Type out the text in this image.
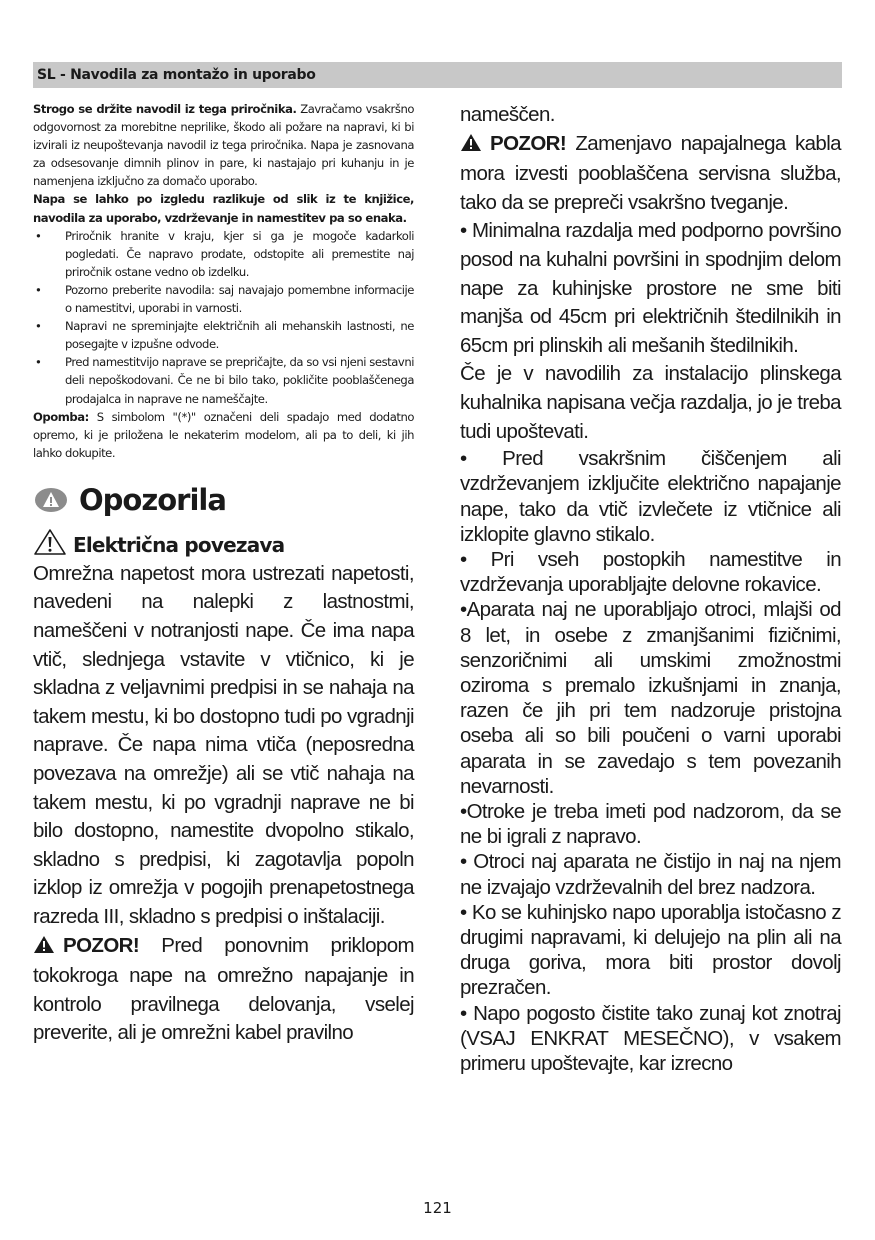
SL - Navodila za montažo in uporabo

Strogo se držite navodil iz tega priročnika. Zavračamo vsakršno odgovornost za morebitne neprilike, škodo ali požare na napravi, ki bi izvirali iz neupoštevanja navodil iz tega priročnika. Napa je zasnovana za odsesovanje dimnih plinov in pare, ki nastajajo pri kuhanju in je namenjena izključno za domačo uporabo.

Napa se lahko po izgledu razlikuje od slik iz te knjižice, navodila za uporabo, vzdrževanje in namestitev pa so enaka.

• Priročnik hranite v kraju, kjer si ga je mogoče kadarkoli pogledati. Če napravo prodate, odstopite ali premestite naj priročnik ostane vedno ob izdelku.
• Pozorno preberite navodila: saj navajajo pomembne informacije o namestitvi, uporabi in varnosti.
• Napravi ne spreminjajte električnih ali mehanskih lastnosti, ne posegajte v izpušne odvode.
• Pred namestitvijo naprave se prepričajte, da so vsi njeni sestavni deli nepoškodovani. Če ne bi bilo tako, pokličite pooblaščenega prodajalca in naprave ne nameščajte.

Opomba: S simbolom "(*)" označeni deli spadajo med dodatno opremo, ki je priložena le nekaterim modelom, ali pa to deli, ki jih lahko dokupite.

Opozorila
Električna povezava

Omrežna napetost mora ustrezati napetosti, navedeni na nalepki z lastnostmi, nameščeni v notranjosti nape. Če ima napa vtič, slednjega vstavite v vtičnico, ki je skladna z veljavnimi predpisi in se nahaja na takem mestu, ki bo dostopno tudi po vgradnji naprave. Če napa nima vtiča (neposredna povezava na omrežje) ali se vtič nahaja na takem mestu, ki po vgradnji naprave ne bi bilo dostopno, namestite dvopolno stikalo, skladno s predpisi, ki zagotavlja popoln izklop iz omrežja v pogojih prenapetostnega razreda III, skladno s predpisi o inštalaciji.

POZOR! Pred ponovnim priklopom tokokroga nape na omrežno napajanje in kontrolo pravilnega delovanja, vselej preverite, ali je omrežni kabel pravilno

nameščen.

POZOR! Zamenjavo napajalnega kabla mora izvesti pooblaščena servisna služba, tako da se prepreči vsakršno tveganje.

• Minimalna razdalja med podporno površino posod na kuhalni površini in spodnjim delom nape za kuhinjske prostore ne sme biti manjša od 45cm pri električnih štedilnikih in 65cm pri plinskih ali mešanih štedilnikih.

Če je v navodilih za instalacijo plinskega kuhalnika napisana večja razdalja, jo je treba tudi upoštevati.

• Pred vsakršnim čiščenjem ali vzdrževanjem izključite električno napajanje nape, tako da vtič izvlečete iz vtičnice ali izklopite glavno stikalo.

• Pri vseh postopkih namestitve in vzdrževanja uporabljajte delovne rokavice.

•Aparata naj ne uporabljajo otroci, mlajši od 8 let, in osebe z zmanjšanimi fizičnimi, senzoričnimi ali umskimi zmožnostmi oziroma s premalo izkušnjami in znanja, razen če jih pri tem nadzoruje pristojna oseba ali so bili poučeni o varni uporabi aparata in se zavedajo s tem povezanih nevarnosti.

•Otroke je treba imeti pod nadzorom, da se ne bi igrali z napravo.

• Otroci naj aparata ne čistijo in naj na njem ne izvajajo vzdrževalnih del brez nadzora.

• Ko se kuhinjsko napo uporablja istočasno z drugimi napravami, ki delujejo na plin ali na druga goriva, mora biti prostor dovolj prezračen.

• Napo pogosto čistite tako zunaj kot znotraj (VSAJ ENKRAT MESEČNO), v vsakem primeru upoštevajte, kar izrecno

121
